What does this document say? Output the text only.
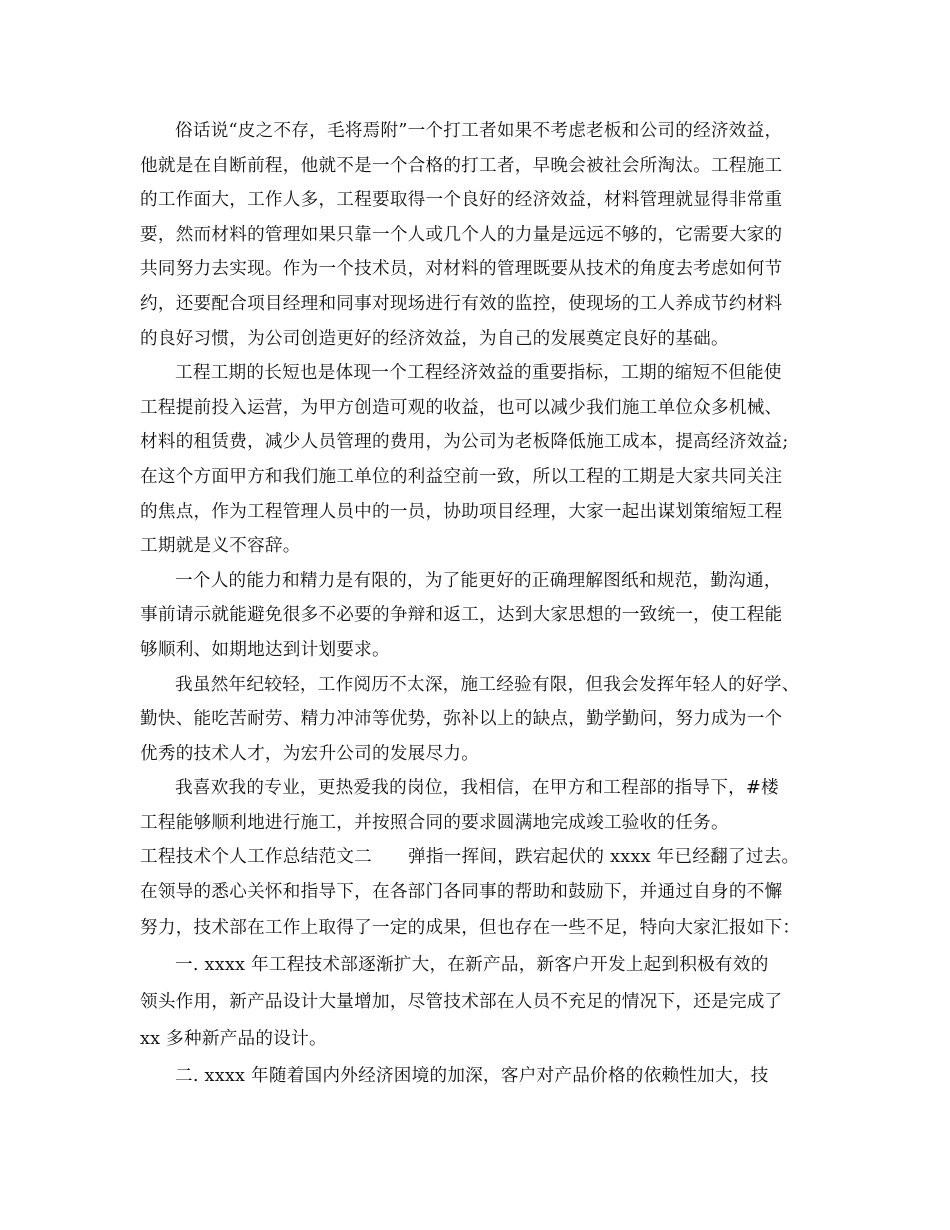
俗话说“皮之不存，毛将焉附”一个打工者如果不考虑老板和公司的经济效益，
他就是在自断前程，他就不是一个合格的打工者，早晚会被社会所淘汰。工程施工
的工作面大，工作人多，工程要取得一个良好的经济效益，材料管理就显得非常重
要，然而材料的管理如果只靠一个人或几个人的力量是远远不够的，它需要大家的
共同努力去实现。作为一个技术员，对材料的管理既要从技术的角度去考虑如何节
约，还要配合项目经理和同事对现场进行有效的监控，使现场的工人养成节约材料
的良好习惯，为公司创造更好的经济效益，为自己的发展奠定良好的基础。
工程工期的长短也是体现一个工程经济效益的重要指标，工期的缩短不但能使
工程提前投入运营，为甲方创造可观的收益，也可以减少我们施工单位众多机械、
材料的租赁费，减少人员管理的费用，为公司为老板降低施工成本，提高经济效益;
在这个方面甲方和我们施工单位的利益空前一致，所以工程的工期是大家共同关注
的焦点，作为工程管理人员中的一员，协助项目经理，大家一起出谋划策缩短工程
工期就是义不容辞。
一个人的能力和精力是有限的，为了能更好的正确理解图纸和规范，勤沟通，
事前请示就能避免很多不必要的争辩和返工，达到大家思想的一致统一，使工程能
够顺利、如期地达到计划要求。
我虽然年纪较轻，工作阅历不太深，施工经验有限，但我会发挥年轻人的好学、
勤快、能吃苦耐劳、精力冲沛等优势，弥补以上的缺点，勤学勤问，努力成为一个
优秀的技术人才，为宏升公司的发展尽力。
我喜欢我的专业，更热爱我的岗位，我相信，在甲方和工程部的指导下，#楼
工程能够顺利地进行施工，并按照合同的要求圆满地完成竣工验收的任务。
工程技术个人工作总结范文二 弹指一挥间，跌宕起伏的 xxxx 年已经翻了过去。
在领导的悉心关怀和指导下，在各部门各同事的帮助和鼓励下，并通过自身的不懈
努力，技术部在工作上取得了一定的成果，但也存在一些不足，特向大家汇报如下：
一. xxxx 年工程技术部逐渐扩大，在新产品，新客户开发上起到积极有效的
领头作用，新产品设计大量增加，尽管技术部在人员不充足的情况下，还是完成了
xx 多种新产品的设计。
二. xxxx 年随着国内外经济困境的加深，客户对产品价格的依赖性加大，技
